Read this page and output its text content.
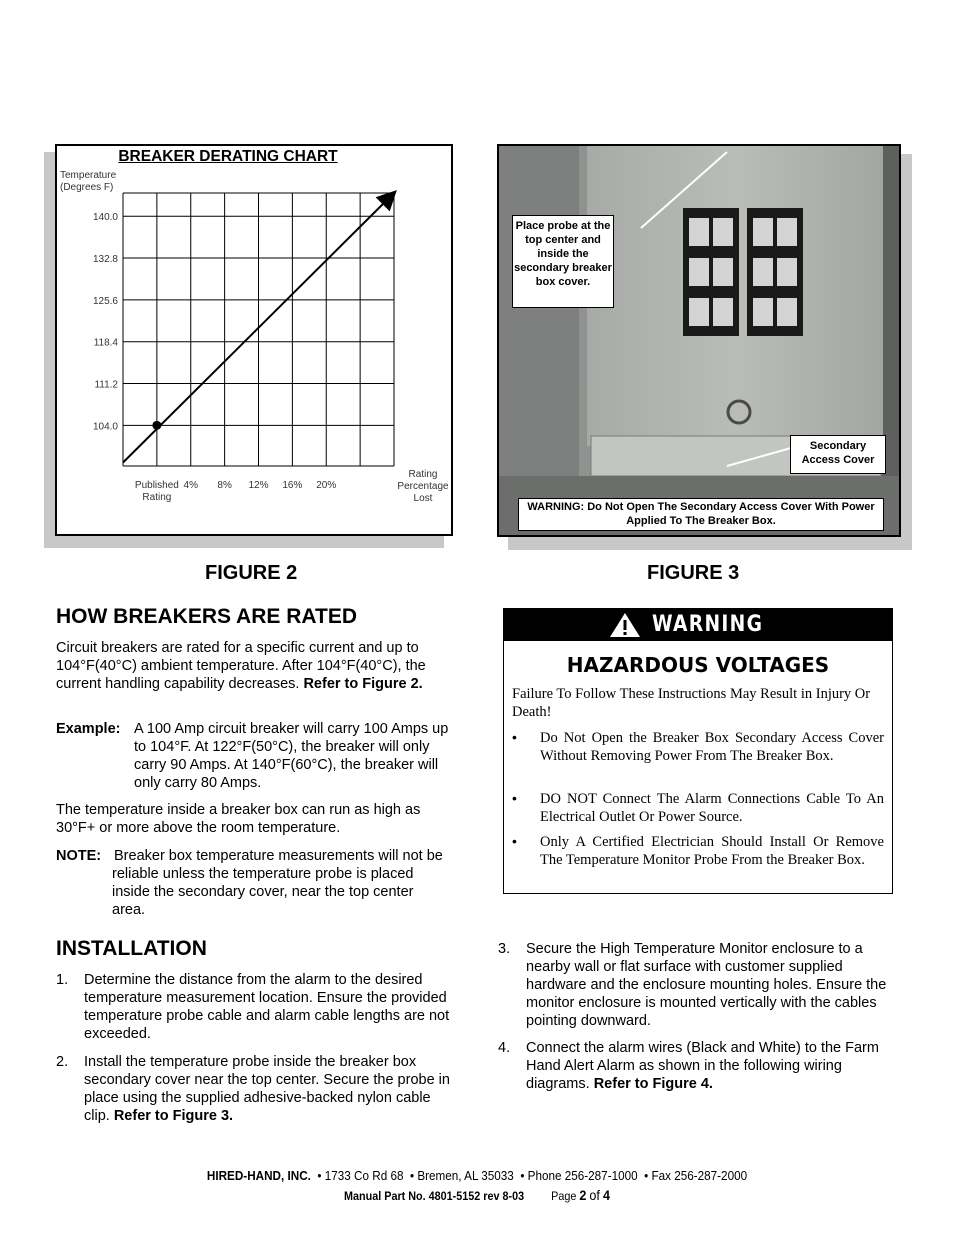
BREAKER DERATING CHART
Temperature
(Degrees F)
104.0
111.2
118.4
125.6
132.8
140.0
Published
Rating
4% 8% 12% 16% 20%
Rating
Percentage
Lost
Place probe at the top center and inside the secondary breaker box cover.
Secondary Access Cover
WARNING: Do Not Open The Secondary Access Cover With Power Applied To The Breaker Box.
FIGURE 2	FIGURE 3
HOW BREAKERS ARE RATED
Circuit breakers are rated for a specific current and up to 104°F(40°C) ambient temperature. After 104°F(40°C), the current handling capability decreases. Refer to Figure 2.
Example: A 100 Amp circuit breaker will carry 100 Amps up to 104°F. At 122°F(50°C), the breaker will only carry 90 Amps. At 140°F(60°C), the breaker will only carry 80 Amps.
The temperature inside a breaker box can run as high as 30°F+ or more above the room temperature.
NOTE: Breaker box temperature measurements will not be reliable unless the temperature probe is placed inside the secondary cover, near the top center area.
WARNING
HAZARDOUS VOLTAGES
Failure To Follow These Instructions May Result in Injury Or Death!
• Do Not Open the Breaker Box Secondary Access Cover Without Removing Power From The Breaker Box.
• DO NOT Connect The Alarm Connections Cable To An Electrical Outlet Or Power Source.
• Only A Certified Electrician Should Install Or Remove The Temperature Monitor Probe From the Breaker Box.
INSTALLATION
1. Determine the distance from the alarm to the desired temperature measurement location. Ensure the provided temperature probe cable and alarm cable lengths are not exceeded.
2. Install the temperature probe inside the breaker box secondary cover near the top center. Secure the probe in place using the supplied adhesive-backed nylon cable clip. Refer to Figure 3.
3. Secure the High Temperature Monitor enclosure to a nearby wall or flat surface with customer supplied hardware and the enclosure mounting holes. Ensure the monitor enclosure is mounted vertically with the cables pointing downward.
4. Connect the alarm wires (Black and White) to the Farm Hand Alert Alarm as shown in the following wiring diagrams. Refer to Figure 4.
HIRED-HAND, INC.  • 1733 Co Rd 68  • Bremen, AL 35033  • Phone 256-287-1000  • Fax 256-287-2000
Manual Part No. 4801-5152 rev 8-03 Page 2 of 4
